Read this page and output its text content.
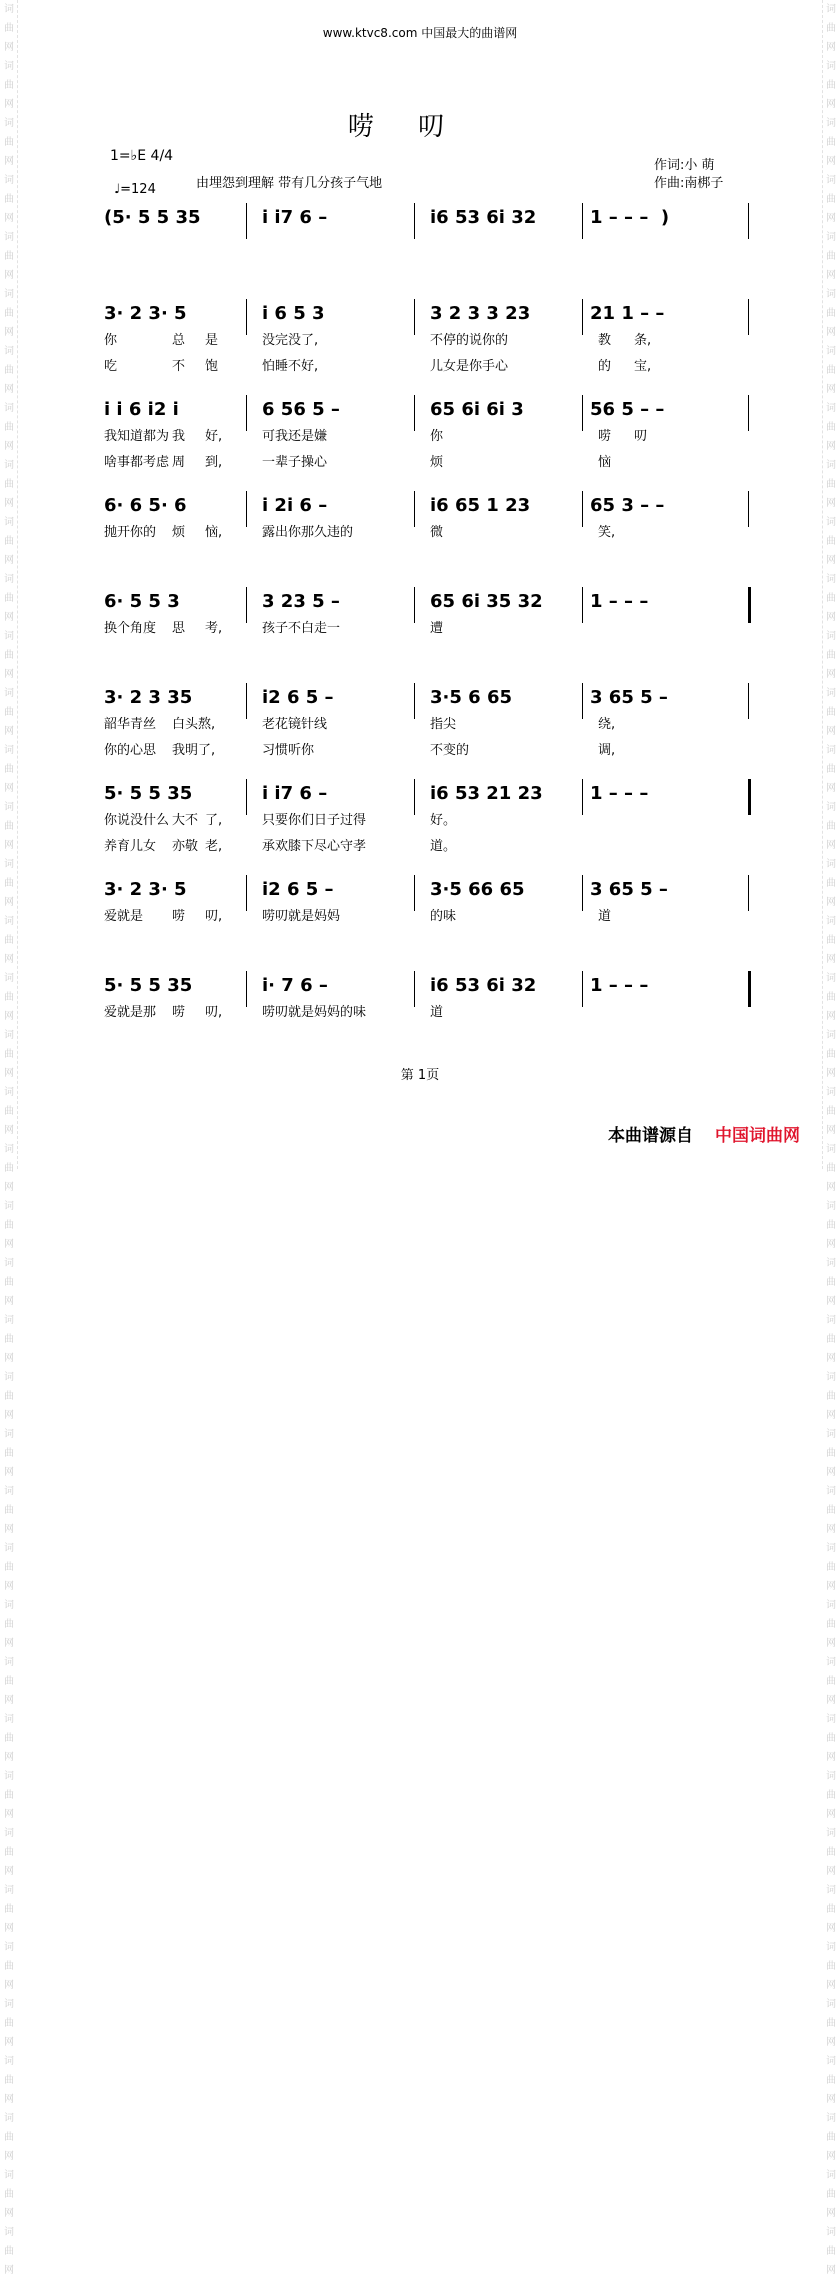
词曲网词曲网词曲网词曲网词曲网词曲网词曲网词曲网词曲网词曲网词曲网词曲网词曲网词曲网词曲网词曲网词曲网词曲网词曲网词曲网词曲网词曲网词曲网词曲网词曲网词曲网词曲网词曲网词曲网词曲网词曲网词曲网词曲网词曲网词曲网词曲网词曲网词曲网词曲网词曲网
词曲网词曲网词曲网词曲网词曲网词曲网词曲网词曲网词曲网词曲网词曲网词曲网词曲网词曲网词曲网词曲网词曲网词曲网词曲网词曲网词曲网词曲网词曲网词曲网词曲网词曲网词曲网词曲网词曲网词曲网词曲网词曲网词曲网词曲网词曲网词曲网词曲网词曲网词曲网词曲网
www.ktvc8.com 中国最大的曲谱网
唠 叨
1=♭E 4/4
♩=124	由埋怨到理解 带有几分孩子气地
作词:小 萌
作曲:南梆子
(5· 5 5 35	i i7 6 –	i6 53 6i 32	1 – – –  )
3· 2 3· 5	i 6 5 3	3 2 3 3 23	21 1 – –
你	总 是	没完没了,	不停的说你的	教 条,
吃	不 饱	怕睡不好,	儿女是你手心	的 宝,
i i 6 i2 i	6 56 5 –	65 6i 6i 3	56 5 – –
我知道都为 我 好,	可我还是嫌	你	唠 叨
啥事都考虑 周 到,	一辈子操心	烦	恼
6· 6 5· 6	i 2i 6 –	i6 65 1 23	65 3 – –
抛开你的 烦 恼,	露出你那久违的	微	笑,
6· 5 5 3	3 23 5 –	65 6i 35 32	1 – – –
换个角度 思 考,	孩子不白走一	遭
3· 2 3 35	i2 6 5 –	3·5 6 65	3 65 5 –
韶华青丝 白头熬,	老花镜针线	指尖	绕,
你的心思 我明了,	习惯听你	不变的	调,
5· 5 5 35	i i7 6 –	i6 53 21 23	1 – – –
你说没什么 大不 了,	只要你们日子过得	好。
养育儿女 亦敬 老,	承欢膝下尽心守孝	道。
3· 2 3· 5	i2 6 5 –	3·5 66 65	3 65 5 –
爱就是 唠 叨,	唠叨就是妈妈	的味	道
5· 5 5 35	i· 7 6 –	i6 53 6i 32	1 – – –
爱就是那 唠 叨,	唠叨就是妈妈的味	道
第 1页
本曲谱源自 中国词曲网
